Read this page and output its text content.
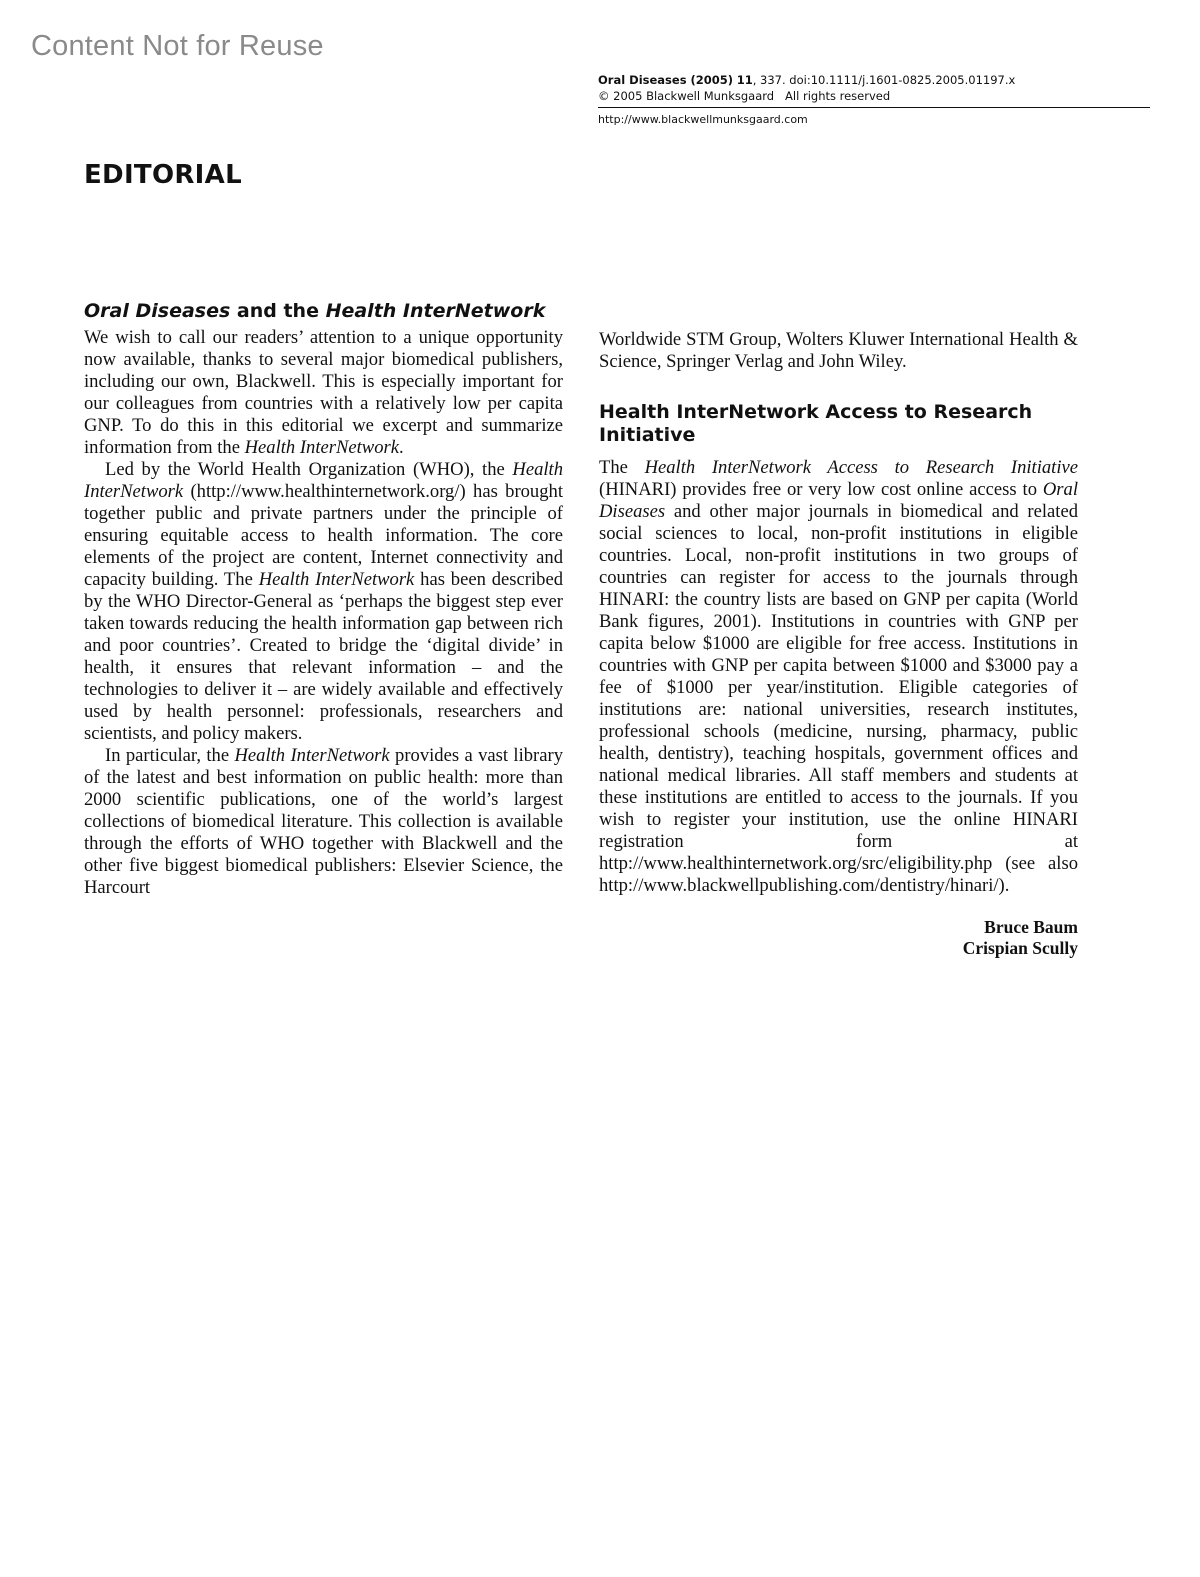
Content Not for Reuse
Oral Diseases (2005) 11, 337. doi:10.1111/j.1601-0825.2005.01197.x
© 2005 Blackwell Munksgaard   All rights reserved
http://www.blackwellmunksgaard.com
EDITORIAL
Oral Diseases and the Health InterNetwork

We wish to call our readers’ attention to a unique opportunity now available, thanks to several major biomedical publishers, including our own, Blackwell. This is especially important for our colleagues from countries with a relatively low per capita GNP. To do this in this editorial we excerpt and summarize information from the Health InterNetwork.

Led by the World Health Organization (WHO), the Health InterNetwork (http://www.healthinternetwork.org/) has brought together public and private partners under the principle of ensuring equitable access to health information. The core elements of the project are content, Internet connectivity and capacity building. The Health InterNetwork has been described by the WHO Director-General as ‘perhaps the biggest step ever taken towards reducing the health information gap between rich and poor countries’. Created to bridge the ‘digital divide’ in health, it ensures that relevant information – and the technologies to deliver it – are widely available and effectively used by health personnel: professionals, researchers and scientists, and policy makers.

In particular, the Health InterNetwork provides a vast library of the latest and best information on public health: more than 2000 scientific publications, one of the world’s largest collections of biomedical literature. This collection is available through the efforts of WHO together with Blackwell and the other five biggest biomedical publishers: Elsevier Science, the Harcourt

Worldwide STM Group, Wolters Kluwer International Health & Science, Springer Verlag and John Wiley.

Health InterNetwork Access to Research Initiative

The Health InterNetwork Access to Research Initiative (HINARI) provides free or very low cost online access to Oral Diseases and other major journals in biomedical and related social sciences to local, non-profit institutions in eligible countries. Local, non-profit institutions in two groups of countries can register for access to the journals through HINARI: the country lists are based on GNP per capita (World Bank figures, 2001). Institutions in countries with GNP per capita below $1000 are eligible for free access. Institutions in countries with GNP per capita between $1000 and $3000 pay a fee of $1000 per year/institution. Eligible categories of institutions are: national universities, research institutes, professional schools (medicine, nursing, pharmacy, public health, dentistry), teaching hospitals, government offices and national medical libraries. All staff members and students at these institutions are entitled to access to the journals. If you wish to register your institution, use the online HINARI registration form at http://www.healthinternetwork.org/src/eligibility.php (see also http://www.blackwellpublishing.com/dentistry/hinari/).

Bruce Baum
Crispian Scully
